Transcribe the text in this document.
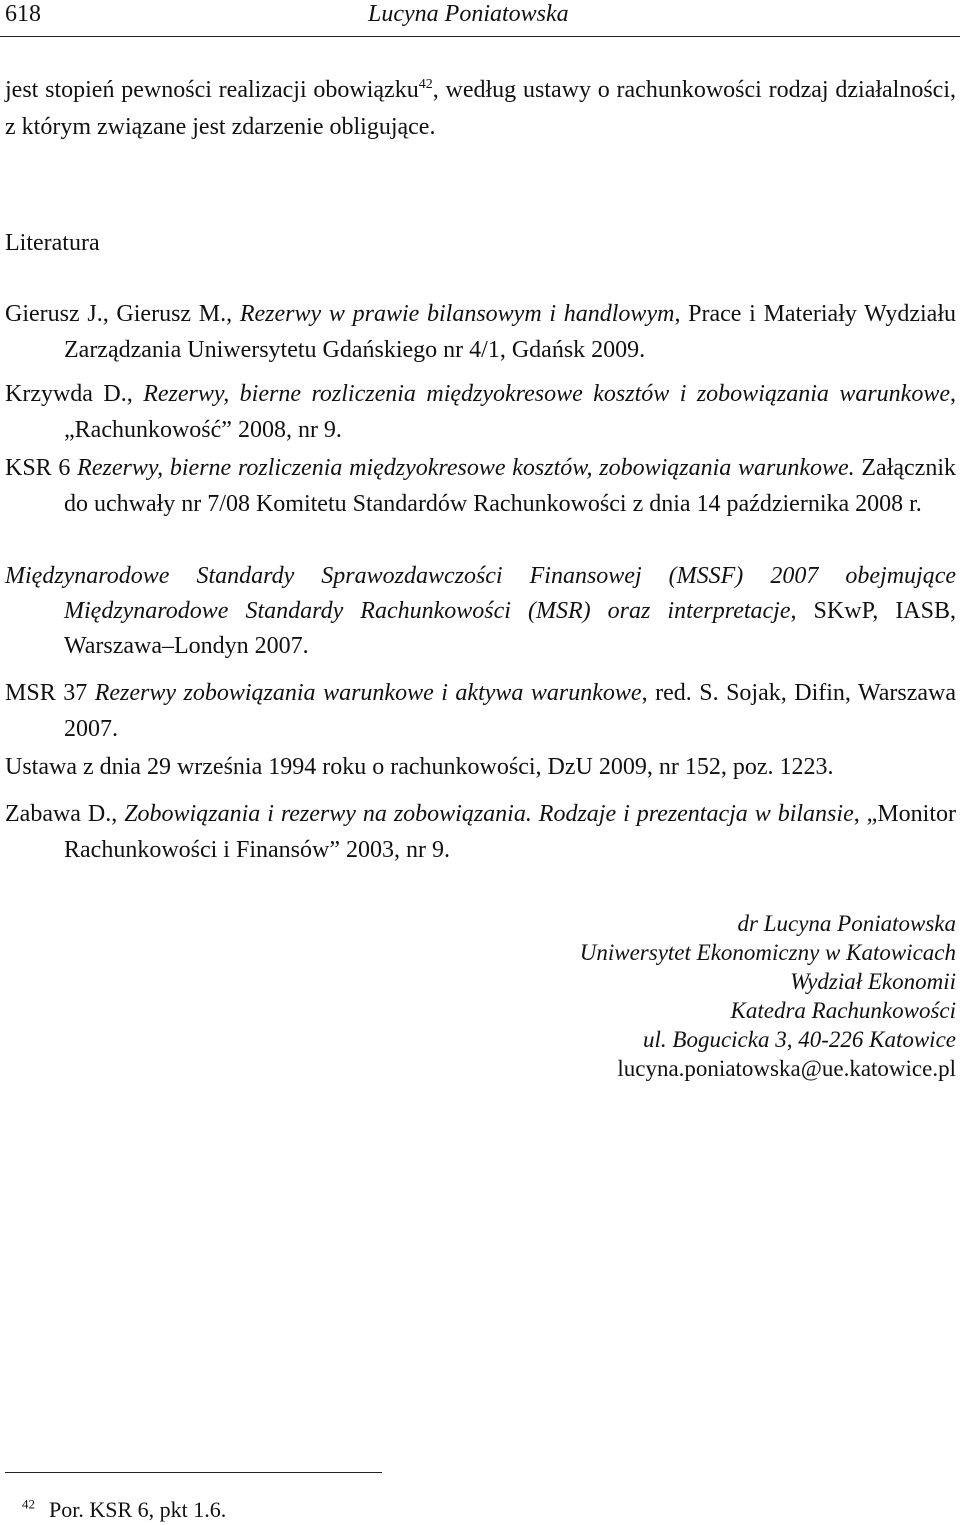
618	Lucyna Poniatowska

jest stopień pewności realizacji obowiązku$^{42}$, według ustawy o rachunkowości rodzaj działalności, z którym związane jest zdarzenie obligujące.

Literatura
Gierusz J., Gierusz M., Rezerwy w prawie bilansowym i handlowym, Prace i Materiały Wydziału Zarządzania Uniwersytetu Gdańskiego nr 4/1, Gdańsk 2009.
Krzywda D., Rezerwy, bierne rozliczenia międzyokresowe kosztów i zobowiązania warunkowe, „Rachunkowość” 2008, nr 9.
KSR 6 Rezerwy, bierne rozliczenia międzyokresowe kosztów, zobowiązania warunkowe. Załącznik do uchwały nr 7/08 Komitetu Standardów Rachunkowości z dnia 14 października 2008 r.
Międzynarodowe Standardy Sprawozdawczości Finansowej (MSSF) 2007 obejmujące Międzynarodowe Standardy Rachunkowości (MSR) oraz interpretacje, SKwP, IASB, Warszawa–Londyn 2007.
MSR 37 Rezerwy zobowiązania warunkowe i aktywa warunkowe, red. S. Sojak, Difin, Warszawa 2007.
Ustawa z dnia 29 września 1994 roku o rachunkowości, DzU 2009, nr 152, poz. 1223.
Zabawa D., Zobowiązania i rezerwy na zobowiązania. Rodzaje i prezentacja w bilansie, „Monitor Rachunkowości i Finansów” 2003, nr 9.
dr Lucyna Poniatowska
Uniwersytet Ekonomiczny w Katowicach
Wydział Ekonomii
Katedra Rachunkowości
ul. Bogucicka 3, 40-226 Katowice
lucyna.poniatowska@ue.katowice.pl
$^{42}$ Por. KSR 6, pkt 1.6.
